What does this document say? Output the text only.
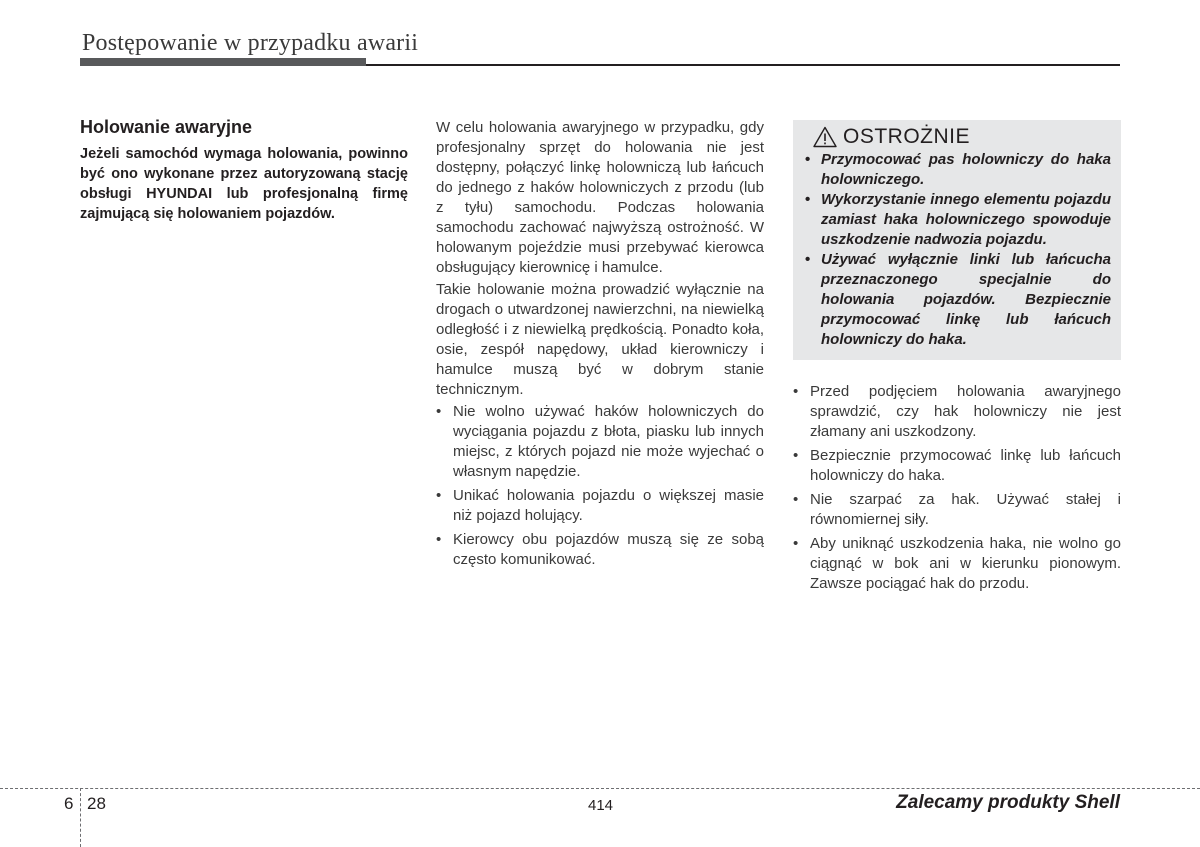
Postępowanie w przypadku awarii
Holowanie awaryjne

Jeżeli samochód wymaga holowania, powinno być ono wykonane przez autoryzowaną stację obsługi HYUNDAI lub profesjonalną firmę zajmującą się holowaniem pojazdów.

W celu holowania awaryjnego w przypadku, gdy profesjonalny sprzęt do holowania nie jest dostępny, połączyć linkę holowniczą lub łańcuch do jednego z haków holowniczych z przodu (lub z tyłu) samochodu. Podczas holowania samochodu zachować najwyższą ostrożność. W holowanym pojeździe musi przebywać kierowca obsługujący kierownicę i hamulce.

Takie holowanie można prowadzić wyłącznie na drogach o utwardzonej nawierzchni, na niewielką odległość i z niewielką prędkością. Ponadto koła, osie, zespół napędowy, układ kierowniczy i hamulce muszą być w dobrym stanie technicznym.

• Nie wolno używać haków holowniczych do wyciągania pojazdu z błota, piasku lub innych miejsc, z których pojazd nie może wyjechać o własnym napędzie.
• Unikać holowania pojazdu o większej masie niż pojazd holujący.
• Kierowcy obu pojazdów muszą się ze sobą często komunikować.
OSTROŻNIE
• Przymocować pas holowniczy do haka holowniczego.
• Wykorzystanie innego elementu pojazdu zamiast haka holowniczego spowoduje uszkodzenie nadwozia pojazdu.
• Używać wyłącznie linki lub łańcucha przeznaczonego specjalnie do holowania pojazdów. Bezpiecznie przymocować linkę lub łańcuch holowniczy do haka.
• Przed podjęciem holowania awaryjnego sprawdzić, czy hak holowniczy nie jest złamany ani uszkodzony.
• Bezpiecznie przymocować linkę lub łańcuch holowniczy do haka.
• Nie szarpać za hak. Używać stałej i równomiernej siły.
• Aby uniknąć uszkodzenia haka, nie wolno go ciągnąć w bok ani w kierunku pionowym. Zawsze pociągać hak do przodu.
6 28	414	Zalecamy produkty Shell
